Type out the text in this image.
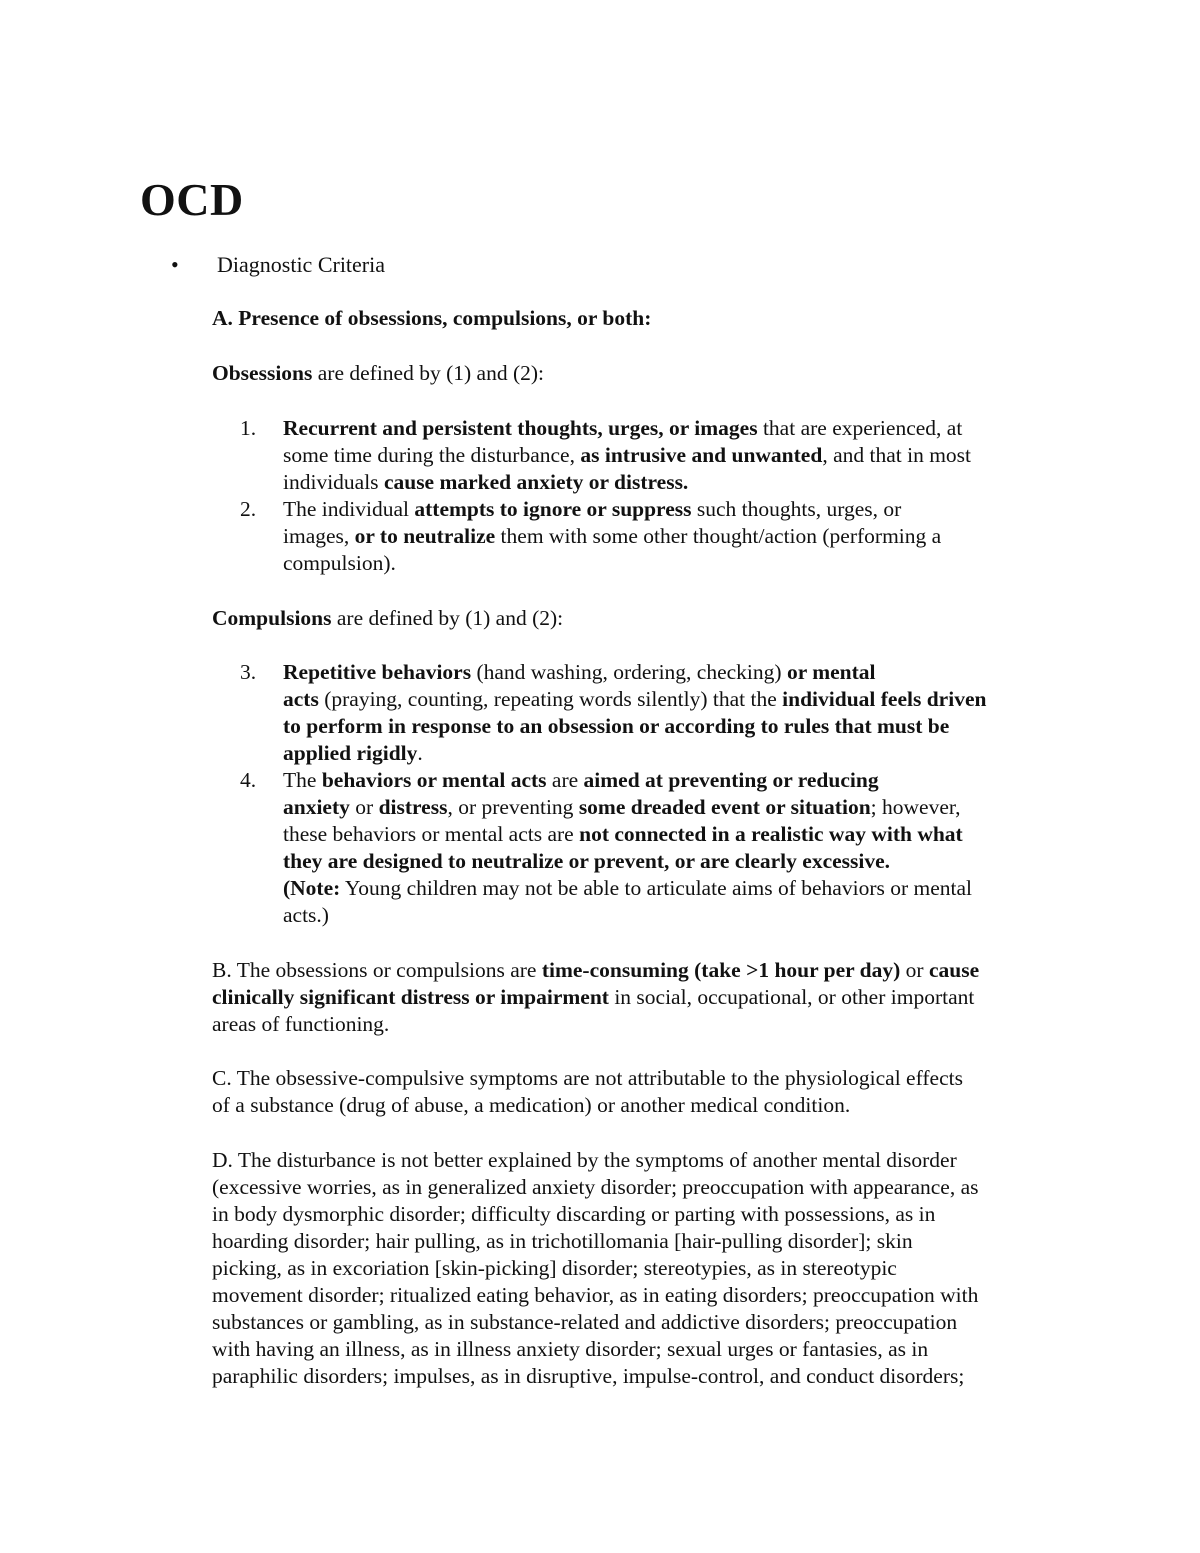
OCD
•	Diagnostic Criteria
A. Presence of obsessions, compulsions, or both:
Obsessions are defined by (1) and (2):
1. Recurrent and persistent thoughts, urges, or images that are experienced, at
some time during the disturbance, as intrusive and unwanted, and that in most
individuals cause marked anxiety or distress.
2. The individual attempts to ignore or suppress such thoughts, urges, or
images, or to neutralize them with some other thought/action (performing a
compulsion).
Compulsions are defined by (1) and (2):
3. Repetitive behaviors (hand washing, ordering, checking) or mental
acts (praying, counting, repeating words silently) that the individual feels driven
to perform in response to an obsession or according to rules that must be
applied rigidly.
4. The behaviors or mental acts are aimed at preventing or reducing
anxiety or distress, or preventing some dreaded event or situation; however,
these behaviors or mental acts are not connected in a realistic way with what
they are designed to neutralize or prevent, or are clearly excessive.
(Note: Young children may not be able to articulate aims of behaviors or mental
acts.)
B. The obsessions or compulsions are time-consuming (take >1 hour per day) or cause
clinically significant distress or impairment in social, occupational, or other important
areas of functioning.
C. The obsessive-compulsive symptoms are not attributable to the physiological effects
of a substance (drug of abuse, a medication) or another medical condition.
D. The disturbance is not better explained by the symptoms of another mental disorder
(excessive worries, as in generalized anxiety disorder; preoccupation with appearance, as
in body dysmorphic disorder; difficulty discarding or parting with possessions, as in
hoarding disorder; hair pulling, as in trichotillomania [hair-pulling disorder]; skin
picking, as in excoriation [skin-picking] disorder; stereotypies, as in stereotypic
movement disorder; ritualized eating behavior, as in eating disorders; preoccupation with
substances or gambling, as in substance-related and addictive disorders; preoccupation
with having an illness, as in illness anxiety disorder; sexual urges or fantasies, as in
paraphilic disorders; impulses, as in disruptive, impulse-control, and conduct disorders;
